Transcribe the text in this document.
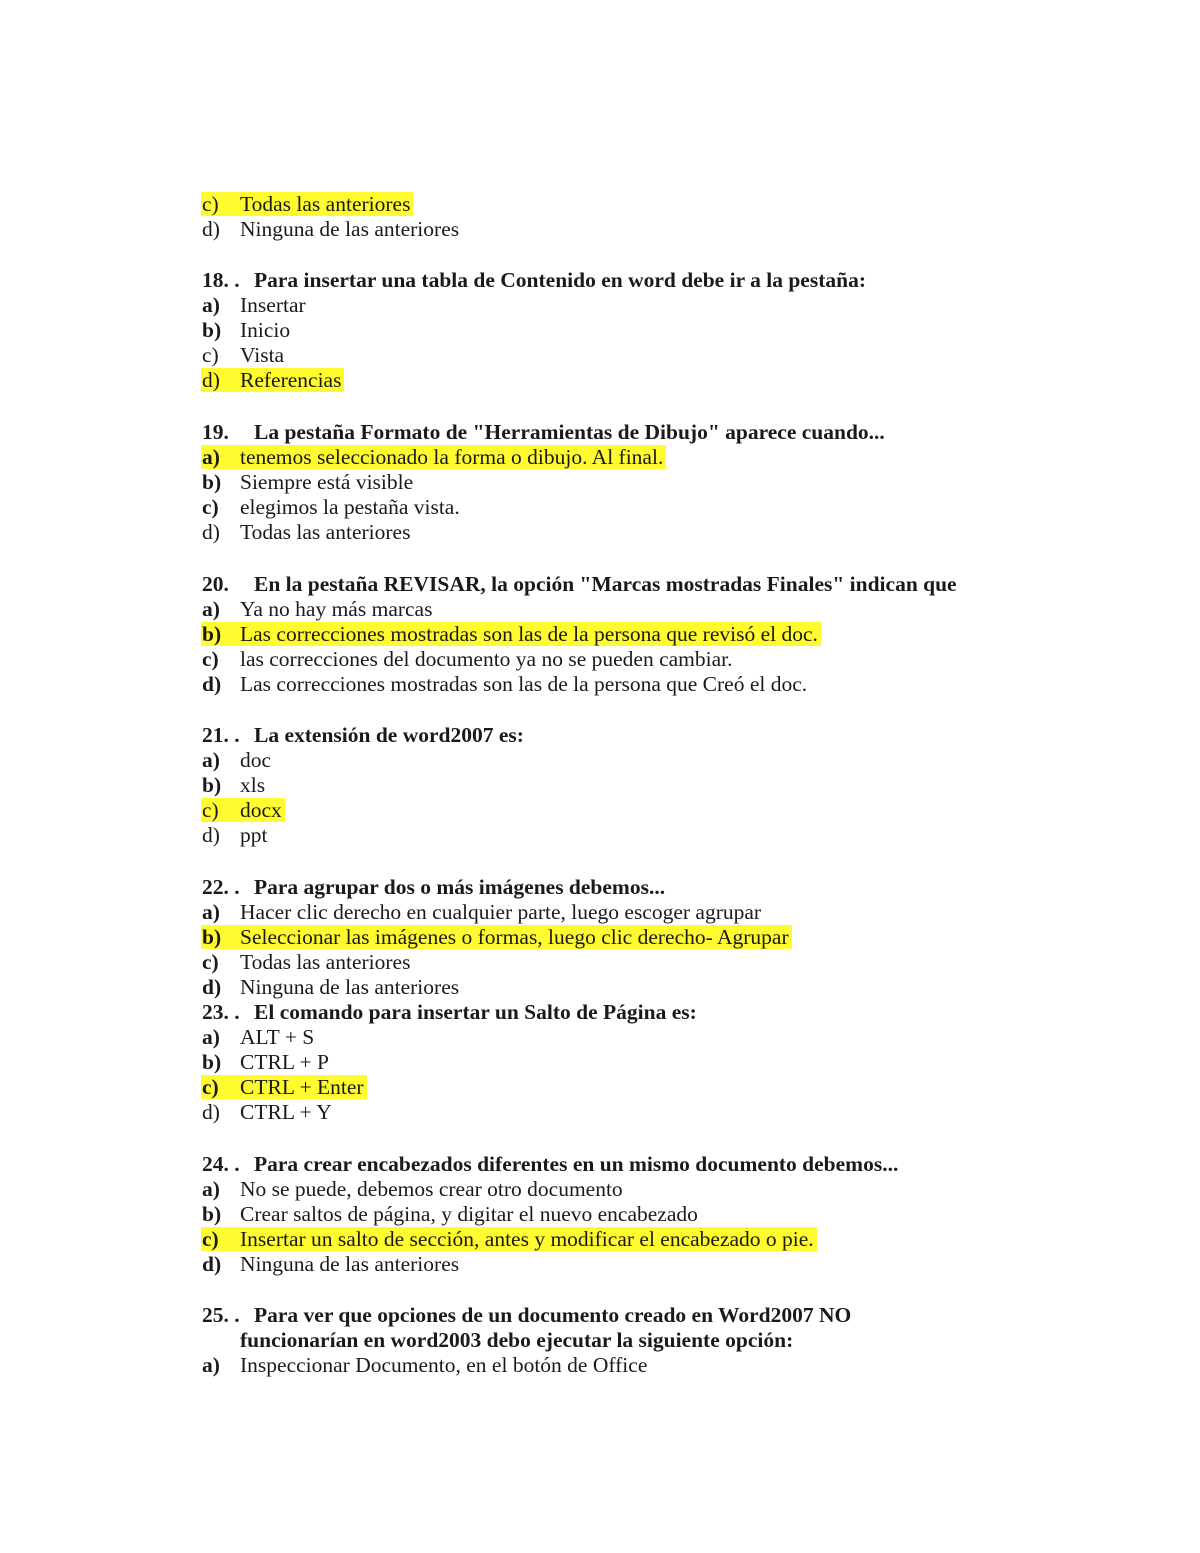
c) Todas las anteriores
d) Ninguna de las anteriores
18. .Para insertar una tabla de Contenido en word debe ir a la pestaña:
a) Insertar
b) Inicio
c) Vista
d) Referencias
19.La pestaña Formato de "Herramientas de Dibujo" aparece cuando...
a) tenemos seleccionado la forma o dibujo. Al final.
b) Siempre está visible
c) elegimos la pestaña vista.
d) Todas las anteriores
20.En la pestaña REVISAR, la opción "Marcas mostradas Finales" indican que
a) Ya no hay más marcas
b) Las correcciones mostradas son las de la persona que revisó el doc.
c) las correcciones del documento ya no se pueden cambiar.
d) Las correcciones mostradas son las de la persona que Creó el doc.
21. .La extensión de word2007 es:
a) doc
b) xls
c) docx
d) ppt
22. .Para agrupar dos o más imágenes debemos...
a) Hacer clic derecho en cualquier parte, luego escoger agrupar
b) Seleccionar las imágenes o formas, luego clic derecho- Agrupar
c) Todas las anteriores
d) Ninguna de las anteriores
23. .El comando para insertar un Salto de Página es:
a) ALT + S
b) CTRL + P
c) CTRL + Enter
d) CTRL + Y
24. .Para crear encabezados diferentes en un mismo documento debemos...
a) No se puede, debemos crear otro documento
b) Crear saltos de página, y digitar el nuevo encabezado
c) Insertar un salto de sección, antes y modificar el encabezado o pie.
d) Ninguna de las anteriores
25. .Para ver que opciones de un documento creado en Word2007 NO
funcionarían en word2003 debo ejecutar la siguiente opción:
a) Inspeccionar Documento, en el botón de Office
